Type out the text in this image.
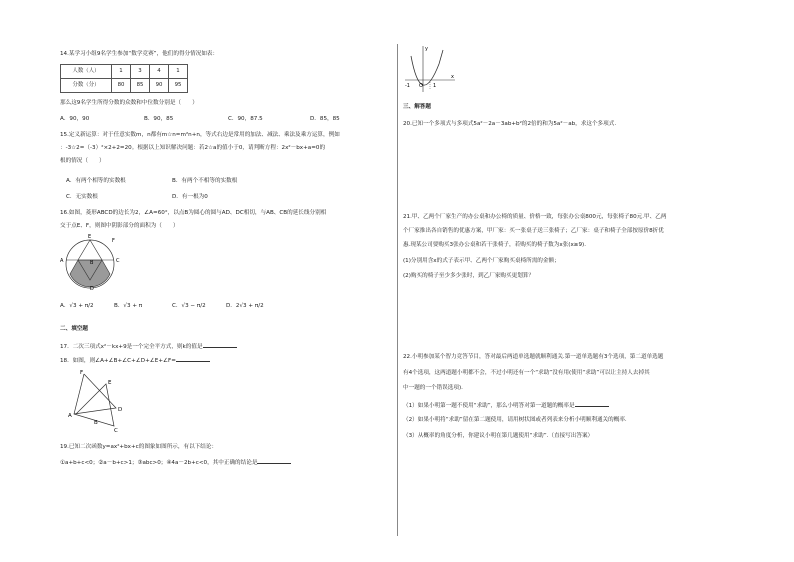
14.某学习小组9名学生参加“数学竞赛”，他们的得分情况如表：

人数（人）	1	3	4	1
分数（分）	80	85	90	95

那么这9名学生所得分数的众数和中位数分别是（　　）

A．90，90	B．90，85	C．90，87.5	D．85，85

15.定义新运算：对于任意实数m，n都有m☆n=m²n+n，等式右边是常用的加法、减法、乘法及乘方运算，例如

：-3☆2=（-3）²×2+2=20。根据以上知识解决问题：若2☆a的值小于0，请判断方程：2x²－bx+a=0的

根的情况（　　）

A．有两个相等的实数根	B．有两个不相等的实数根

C．无实数根	D．有一根为0

16.如图，菱形ABCD的边长为2，∠A=60°，以点B为圆心的圆与AD、DC相切，与AB、CB的延长线分别相

交于点E、F，则图中阴影部分的面积为（　　）

E
F
A	C
B
D

A．√3 + π/2	B．√3 + π	C．√3 − π/2	D．2√3 + π/2

二、填空题

17．二次三项式x²－kx+9是一个完全平方式，则k的值是

18．如图，则∠A+∠B+∠C+∠D+∠E+∠F=

F
E
A
D
B
C

19.已知二次函数y=ax²+bx+c的图象如图所示，有以下结论：

①a+b+c<0；②a－b+c>1；③abc>0；④4a－2b+c<0，其中正确的结论是

-1 O 1
x
y

三、解答题

20.已知一个多项式与多项式5a²－2a－3ab+b²的2倍的和为5a²－ab，求这个多项式.

21.甲、乙两个厂家生产的办公桌和办公椅的质量、价格一致，每张办公桌800元，每张椅子80元.甲、乙两

个厂家推出各自销售的优惠方案，甲厂家：买一张桌子送三张椅子；乙厂家：桌子和椅子全部按原价8折优

惠.现某公司要购买3张办公桌和若干张椅子，若购买的椅子数为x张(x≥9).

(1)分别用含x的式子表示甲、乙两个厂家购买桌椅所需的金额；

(2)购买的椅子至少多少张时，到乙厂家购买更划算？

22.小明参加某个智力竞答节目，答对最后两道单选题就顺利通关.第一道单选题有3个选项，第二道单选题

有4个选项，这两道题小明都不会，不过小明还有一个“求助”没有用(使用“求助”可以让主持人去掉其

中一题的一个错误选项).

（1）如果小明第一题不使用“求助”，那么小明答对第一道题的概率是

（2）如果小明将“求助”留在第二题使用，请用树状图或者列表来分析小明顺利通关的概率.

（3）从概率的角度分析，你建议小明在第几题使用“求助”.（直接写出答案）
